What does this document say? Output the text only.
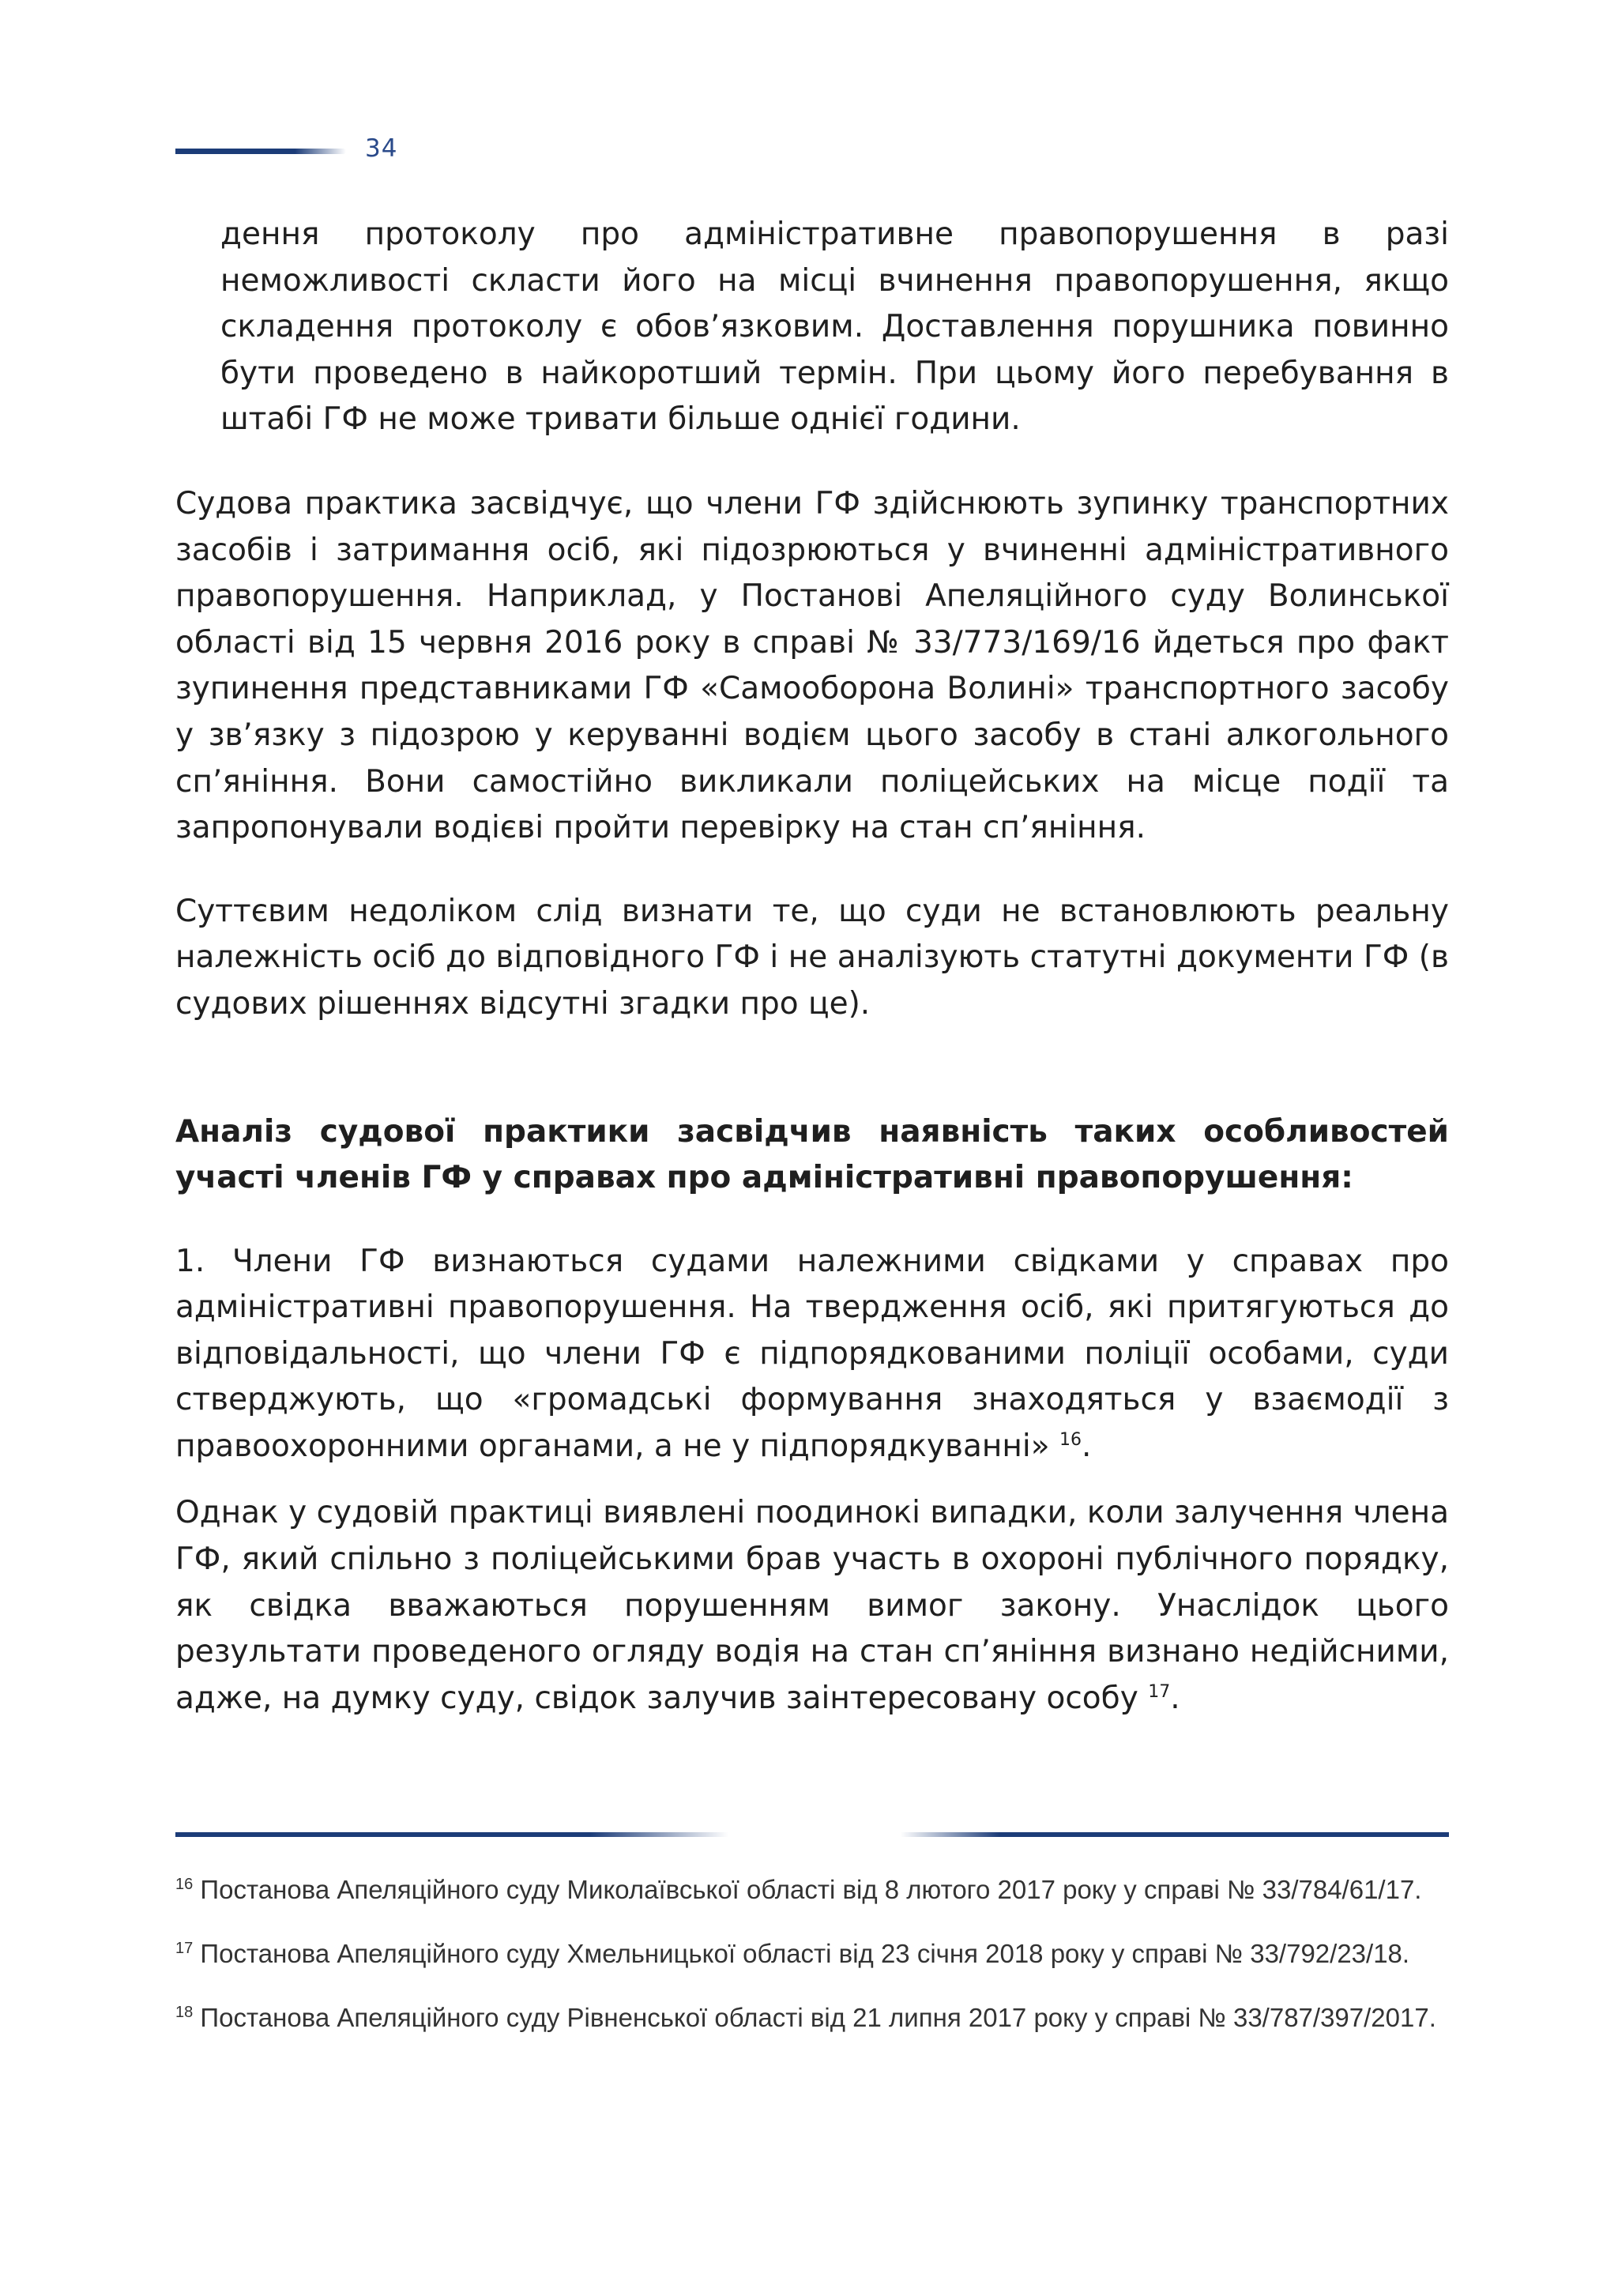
34

дення протоколу про адміністративне правопорушення в разі неможливості скласти його на місці вчинення правопорушення, якщо складення протоколу є обов’язковим. Доставлення порушника повинно бути проведено в найкоротший термін. При цьому його перебування в штабі ГФ не може тривати більше однієї години.

Судова практика засвідчує, що члени ГФ здійснюють зупинку транспортних засобів і затримання осіб, які підозрюються у вчиненні адміністративного правопорушення. Наприклад, у Постанові Апеляційного суду Волинської області від 15 червня 2016 року в справі № 33/773/169/16 йдеться про факт зупинення представниками ГФ «Самооборона Волині» транспортного засобу у зв’язку з підозрою у керуванні водієм цього засобу в стані алкогольного сп’яніння. Вони самостійно викликали поліцейських на місце події та запропонували водієві пройти перевірку на стан сп’яніння.

Суттєвим недоліком слід визнати те, що суди не встановлюють реальну належність осіб до відповідного ГФ і не аналізують статутні документи ГФ (в судових рішеннях відсутні згадки про це).

Аналіз судової практики засвідчив наявність таких особливостей участі членів ГФ у справах про адміністративні правопорушення:

1. Члени ГФ визнаються судами належними свідками у справах про адміністративні правопорушення. На твердження осіб, які притягуються до відповідальності, що члени ГФ є підпорядкованими поліції особами, суди стверджують, що «громадські формування знаходяться у взаємодії з правоохоронними органами, а не у підпорядкуванні» $^{16}$.

Однак у судовій практиці виявлені поодинокі випадки, коли залучення члена ГФ, який спільно з поліцейськими брав участь в охороні публічного порядку, як свідка вважаються порушенням вимог закону. Унаслідок цього результати проведеного огляду водія на стан сп’яніння визнано недійсними, адже, на думку суду, свідок залучив заінтересовану особу $^{17}$.

$^{16}$ Постанова Апеляційного суду Миколаївської області від 8 лютого 2017 року у справі № 33/784/61/17.

$^{17}$ Постанова Апеляційного суду Хмельницької області від 23 січня 2018 року у справі № 33/792/23/18.

$^{18}$ Постанова Апеляційного суду Рівненської області від 21 липня 2017 року у справі № 33/787/397/2017.
